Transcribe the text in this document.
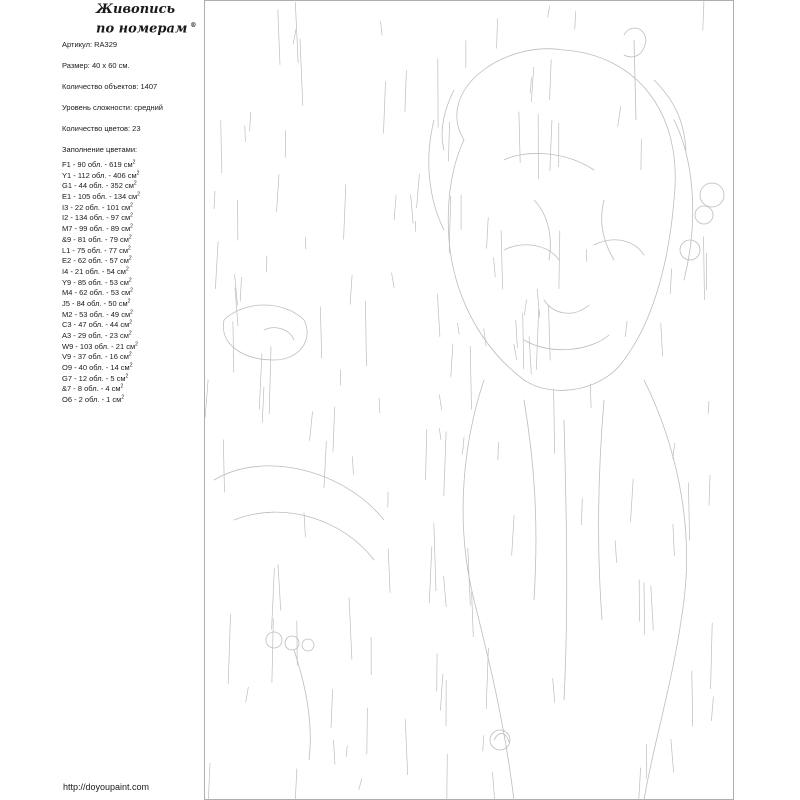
Живопись
по номерам ®
Артикул: RA329
Размер: 40 х 60 см.
Количество объектов: 1407
Уровень сложности: средний
Количество цветов: 23
Заполнение цветами:
F1 - 90 обл. - 619 $см^2$
Y1 - 112 обл. - 406 $см^2$
G1 - 44 обл. - 352 $см^2$
E1 - 105 обл. - 134 $см^2$
I3 - 22 обл. - 101 $см^2$
I2 - 134 обл. - 97 $см^2$
M7 - 99 обл. - 89 $см^2$
&9 - 81 обл. - 79 $см^2$
L1 - 75 обл. - 77 $см^2$
E2 - 62 обл. - 57 $см^2$
I4 - 21 обл. - 54 $см^2$
Y9 - 85 обл. - 53 $см^2$
M4 - 62 обл. - 53 $см^2$
J5 - 84 обл. - 50 $см^2$
M2 - 53 обл. - 49 $см^2$
C3 - 47 обл. - 44 $см^2$
A3 - 29 обл. - 23 $см^2$
W9 - 103 обл. - 21 $см^2$
V9 - 37 обл. - 16 $см^2$
O9 - 40 обл. - 14 $см^2$
G7 - 12 обл. - 5 $см^2$
&7 - 8 обл. - 4 $см^2$
O6 - 2 обл. - 1 $см^2$
http://doyoupaint.com
